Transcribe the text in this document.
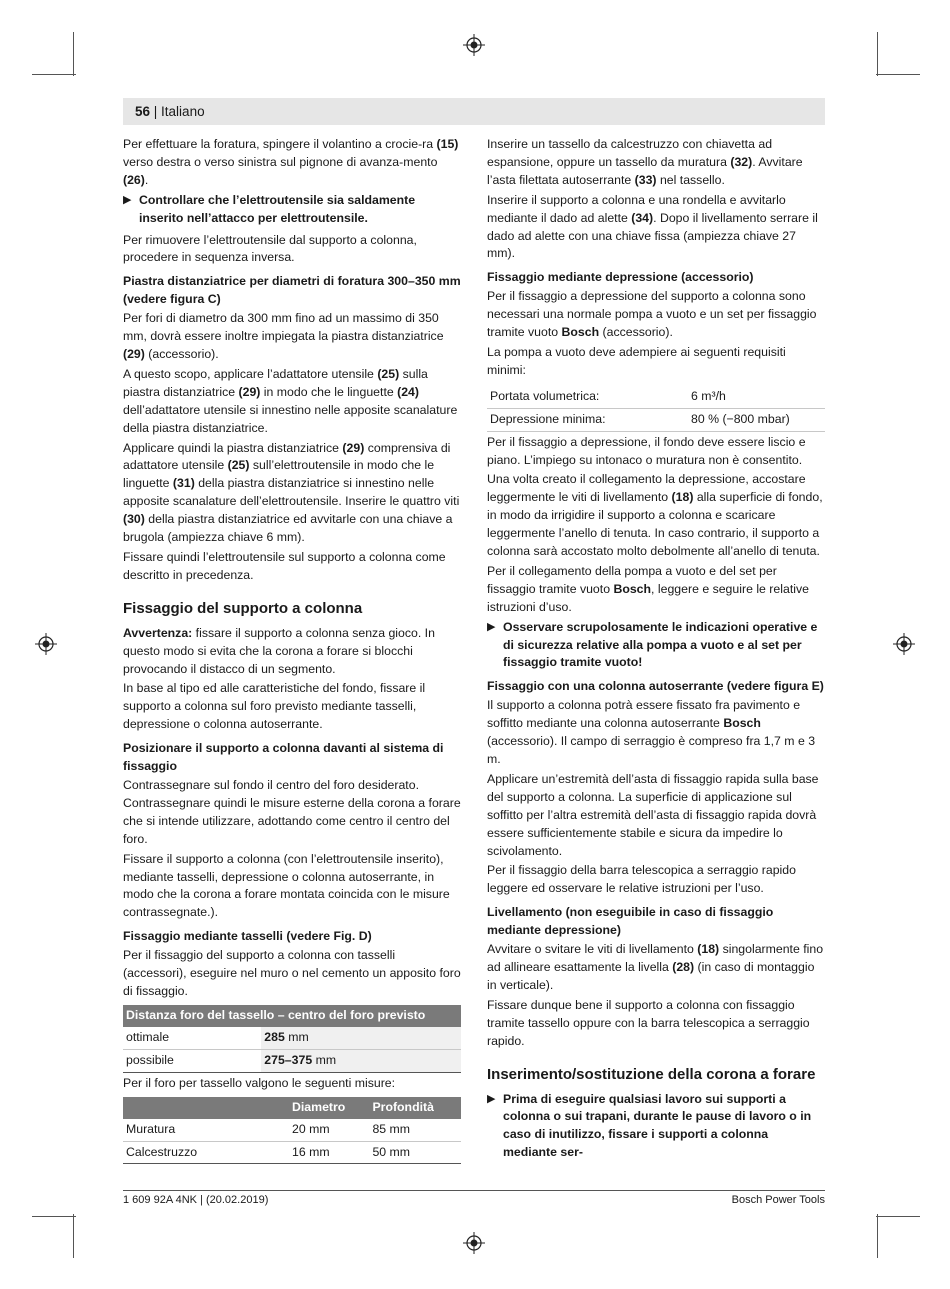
56 | Italiano

Per effettuare la foratura, spingere il volantino a crocie-ra (15) verso destra o verso sinistra sul pignone di avanza-mento (26).

▶ Controllare che l’elettroutensile sia saldamente inserito nell’attacco per elettroutensile.

Per rimuovere l’elettroutensile dal supporto a colonna, procedere in sequenza inversa.

Piastra distanziatrice per diametri di foratura 300–350 mm (vedere figura C)

Per fori di diametro da 300 mm fino ad un massimo di 350 mm, dovrà essere inoltre impiegata la piastra distanziatrice (29) (accessorio).

A questo scopo, applicare l’adattatore utensile (25) sulla piastra distanziatrice (29) in modo che le linguette (24) dell’adattatore utensile si innestino nelle apposite scanalature della piastra distanziatrice.

Applicare quindi la piastra distanziatrice (29) comprensiva di adattatore utensile (25) sull’elettroutensile in modo che le linguette (31) della piastra distanziatrice si innestino nelle apposite scanalature dell’elettroutensile. Inserire le quattro viti (30) della piastra distanziatrice ed avvitarle con una chiave a brugola (ampiezza chiave 6 mm).

Fissare quindi l’elettroutensile sul supporto a colonna come descritto in precedenza.

Fissaggio del supporto a colonna

Avvertenza: fissare il supporto a colonna senza gioco. In questo modo si evita che la corona a forare si blocchi provocando il distacco di un segmento.

In base al tipo ed alle caratteristiche del fondo, fissare il supporto a colonna sul foro previsto mediante tasselli, depressione o colonna autoserrante.

Posizionare il supporto a colonna davanti al sistema di fissaggio

Contrassegnare sul fondo il centro del foro desiderato. Contrassegnare quindi le misure esterne della corona a forare che si intende utilizzare, adottando come centro il centro del foro.

Fissare il supporto a colonna (con l’elettroutensile inserito), mediante tasselli, depressione o colonna autoserrante, in modo che la corona a forare montata coincida con le misure contrassegnate.).

Fissaggio mediante tasselli (vedere Fig. D)

Per il fissaggio del supporto a colonna con tasselli (accessori), eseguire nel muro o nel cemento un apposito foro di fissaggio.

Distanza foro del tassello – centro del foro previsto	
ottimale	285 mm
possibile	275–375 mm

Per il foro per tassello valgono le seguenti misure:

	Diametro	Profondità
Muratura	20 mm	85 mm
Calcestruzzo	16 mm	50 mm

Inserire un tassello da calcestruzzo con chiavetta ad espansione, oppure un tassello da muratura (32). Avvitare l’asta filettata autoserrante (33) nel tassello.

Inserire il supporto a colonna e una rondella e avvitarlo mediante il dado ad alette (34). Dopo il livellamento serrare il dado ad alette con una chiave fissa (ampiezza chiave 27 mm).

Fissaggio mediante depressione (accessorio)

Per il fissaggio a depressione del supporto a colonna sono necessari una normale pompa a vuoto e un set per fissaggio tramite vuoto Bosch (accessorio).

La pompa a vuoto deve adempiere ai seguenti requisiti minimi:

Portata volumetrica:	6 m³/h
Depressione minima:	80 % (−800 mbar)

Per il fissaggio a depressione, il fondo deve essere liscio e piano. L’impiego su intonaco o muratura non è consentito.

Una volta creato il collegamento la depressione, accostare leggermente le viti di livellamento (18) alla superficie di fondo, in modo da irrigidire il supporto a colonna e scaricare leggermente l’anello di tenuta. In caso contrario, il supporto a colonna sarà accostato molto debolmente all’anello di tenuta.

Per il collegamento della pompa a vuoto e del set per fissaggio tramite vuoto Bosch, leggere e seguire le relative istruzioni d’uso.

▶ Osservare scrupolosamente le indicazioni operative e di sicurezza relative alla pompa a vuoto e al set per fissaggio tramite vuoto!
Fissaggio con una colonna autoserrante (vedere figura E)

Il supporto a colonna potrà essere fissato fra pavimento e soffitto mediante una colonna autoserrante Bosch (accessorio). Il campo di serraggio è compreso fra 1,7 m e 3 m.

Applicare un’estremità dell’asta di fissaggio rapida sulla base del supporto a colonna. La superficie di applicazione sul soffitto per l’altra estremità dell’asta di fissaggio rapida dovrà essere sufficientemente stabile e sicura da impedire lo scivolamento.

Per il fissaggio della barra telescopica a serraggio rapido leggere ed osservare le relative istruzioni per l’uso.

Livellamento (non eseguibile in caso di fissaggio mediante depressione)

Avvitare o svitare le viti di livellamento (18) singolarmente fino ad allineare esattamente la livella (28) (in caso di montaggio in verticale).

Fissare dunque bene il supporto a colonna con fissaggio tramite tassello oppure con la barra telescopica a serraggio rapido.

Inserimento/sostituzione della corona a forare
▶ Prima di eseguire qualsiasi lavoro sui supporti a colonna o sui trapani, durante le pause di lavoro o in caso di inutilizzo, fissare i supporti a colonna mediante ser-
1 609 92A 4NK | (20.02.2019)	Bosch Power Tools
